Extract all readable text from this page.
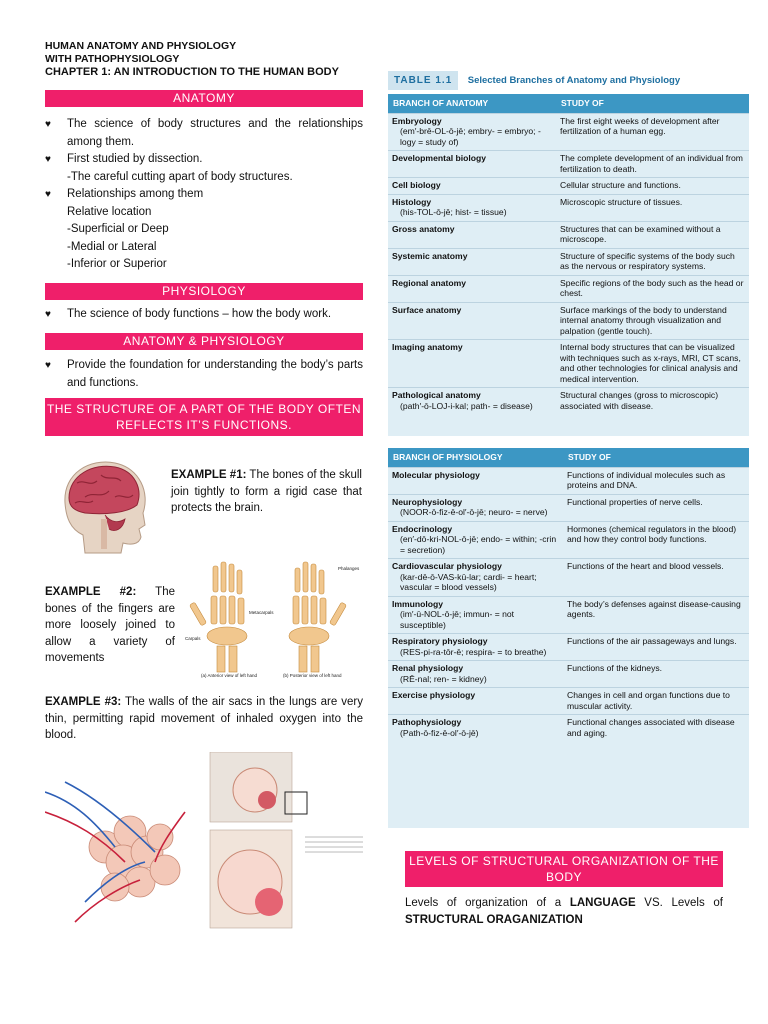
HUMAN ANATOMY AND PHYSIOLOGY
WITH PATHOPHYSIOLOGY
CHAPTER 1: AN INTRODUCTION TO THE HUMAN BODY
ANATOMY
♥	The science of body structures and the relationships among them.
♥	First studied by dissection.
-The careful cutting apart of body structures.
♥	Relationships among them
Relative location
-Superficial or Deep
-Medial or Lateral
-Inferior or Superior
PHYSIOLOGY
♥	The science of body functions – how the body work.
ANATOMY & PHYSIOLOGY
♥	Provide the foundation for understanding the body’s parts and functions.
THE STRUCTURE OF A PART OF THE BODY OFTEN REFLECTS IT’S FUNCTIONS.
EXAMPLE #1: The bones of the skull join tightly to form a rigid case that protects the brain.
EXAMPLE #2: The bones of the fingers are more loosely joined to allow a variety of movements
Metacarpals
Phalanges
Carpals
(a) Anterior view of left hand	(b) Posterior view of left hand
EXAMPLE #3: The walls of the air sacs in the lungs are very thin, permitting rapid movement of inhaled oxygen into the blood.
TABLE 1.1 Selected Branches of Anatomy and Physiology
BRANCH OF ANATOMY	STUDY OF

Embryology
(em′-brē-OL-ō-jē; embry- = embryo; -logy = study of)	The first eight weeks of development after fertilization of a human egg.

Developmental biology	The complete development of an individual from fertilization to death.

Cell biology	Cellular structure and functions.

Histology
(his-TOL-ō-jē; hist- = tissue)	Microscopic structure of tissues.

Gross anatomy	Structures that can be examined without a microscope.

Systemic anatomy	Structure of specific systems of the body such as the nervous or respiratory systems.

Regional anatomy	Specific regions of the body such as the head or chest.

Surface anatomy	Surface markings of the body to understand internal anatomy through visualization and palpation (gentle touch).

Imaging anatomy	Internal body structures that can be visualized with techniques such as x-rays, MRI, CT scans, and other technologies for clinical analysis and medical intervention.

Pathological anatomy
(path′-ō-LOJ-i-kal; path- = disease)	Structural changes (gross to microscopic) associated with disease.
BRANCH OF PHYSIOLOGY	STUDY OF

Molecular physiology	Functions of individual molecules such as proteins and DNA.

Neurophysiology
(NOOR-ō-fiz-ē-ol′-ō-jē; neuro- = nerve)	Functional properties of nerve cells.

Endocrinology
(en′-dō-kri-NOL-ō-jē; endo- = within; -crin = secretion)	Hormones (chemical regulators in the blood) and how they control body functions.

Cardiovascular physiology
(kar-dē-ō-VAS-kū-lar; cardi- = heart; vascular = blood vessels)	Functions of the heart and blood vessels.

Immunology
(im′-ū-NOL-ō-jē; immun- = not susceptible)	The body’s defenses against disease-causing agents.

Respiratory physiology
(RES-pi-ra-tōr-ē; respira- = to breathe)	Functions of the air passageways and lungs.

Renal physiology
(RĒ-nal; ren- = kidney)	Functions of the kidneys.

Exercise physiology	Changes in cell and organ functions due to muscular activity.

Pathophysiology
(Path-ō-fiz-ē-ol′-ō-jē)	Functional changes associated with disease and aging.
LEVELS OF STRUCTURAL ORGANIZATION OF THE BODY
Levels of organization of a LANGUAGE VS. Levels of STRUCTURAL ORAGANIZATION
